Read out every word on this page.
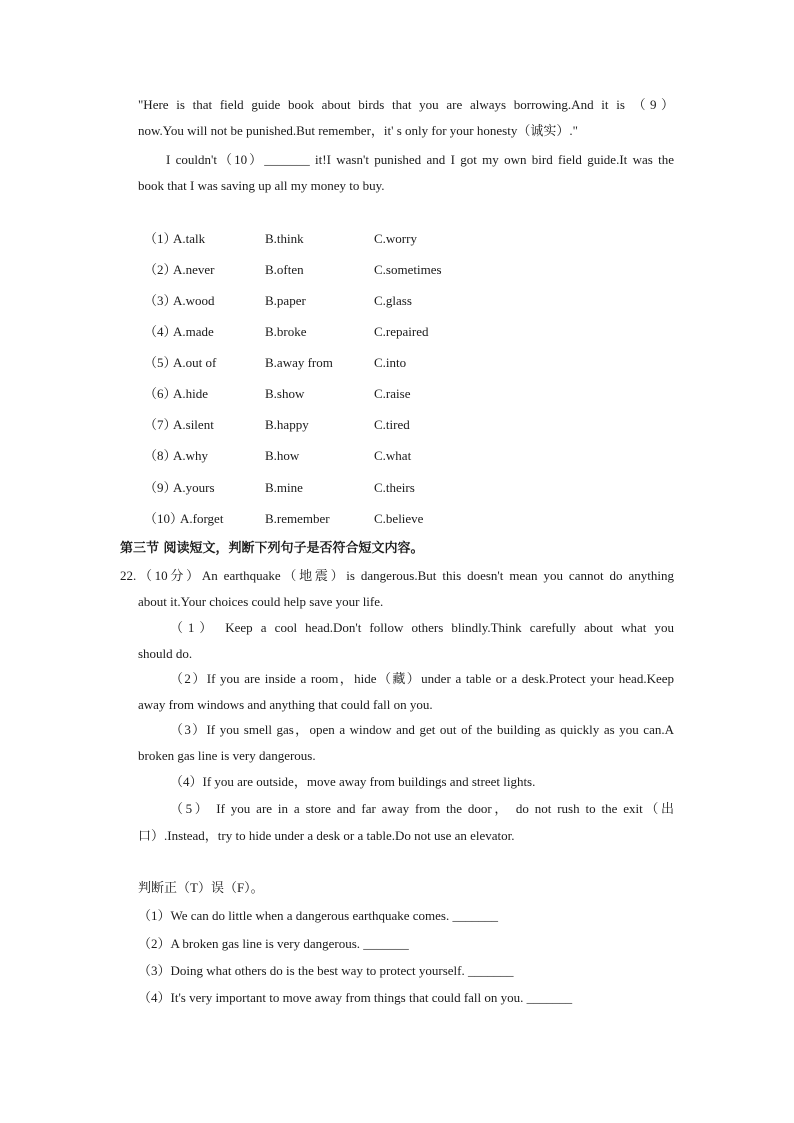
"Here is that field guide book about birds that you are always borrowing.And it is （9）
now.You will not be punished.But remember，it' s only for your honesty（诚实）."
I couldn't（10）_______ it!I wasn't punished and I got my own bird field guide.It was the
book that I was saving up all my money to buy.
（1）
A.talk	B.think	C.worry
（2）
A.never	B.often	C.sometimes
（3）
A.wood	B.paper	C.glass
（4）
A.made	B.broke	C.repaired
（5）
A.out of	B.away from	C.into
（6）
A.hide	B.show	C.raise
（7）
A.silent	B.happy	C.tired
（8）
A.why	B.how	C.what
（9）
A.yours	B.mine	C.theirs
（10）
A.forget	B.remember	C.believe
第三节 阅读短文，判断下列句子是否符合短文内容。
22.（10分）An earthquake（地震）is dangerous.But this doesn't mean you cannot do anything
about it.Your choices could help save your life.
（1） Keep a cool head.Don't follow others blindly.Think carefully about what you
should do.
（2）If you are inside a room，hide（藏）under a table or a desk.Protect your head.Keep
away from windows and anything that could fall on you.
（3）If you smell gas，open a window and get out of the building as quickly as you can.A
broken gas line is very dangerous.
（4）If you are outside，move away from buildings and street lights.
（5） If you are in a store and far away from the door， do not rush to the exit（出
口）.Instead，try to hide under a desk or a table.Do not use an elevator.
判断正（T）误（F）。
（1）We can do little when a dangerous earthquake comes. _______
（2）A broken gas line is very dangerous. _______
（3）Doing what others do is the best way to protect yourself. _______
（4）It's very important to move away from things that could fall on you. _______
